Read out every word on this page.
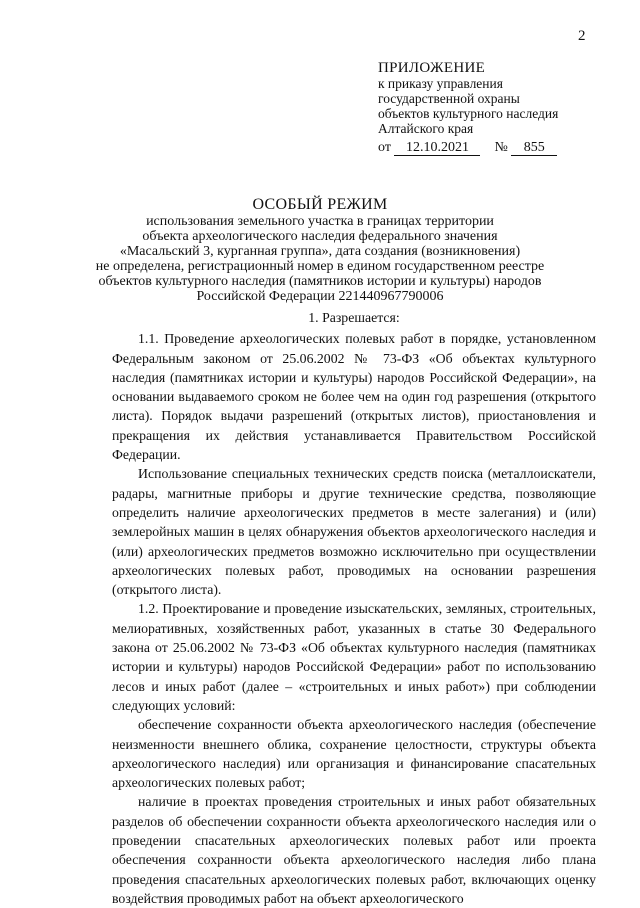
2
ПРИЛОЖЕНИЕ
к приказу управления
государственной охраны
объектов культурного наследия
Алтайского края
от 12.10.2021 № 855
ОСОБЫЙ РЕЖИМ
использования земельного участка в границах территории
объекта археологического наследия федерального значения
«Масальский 3, курганная группа», дата создания (возникновения)
не определена, регистрационный номер в едином государственном реестре
объектов культурного наследия (памятников истории и культуры) народов
Российской Федерации 221440967790006
1. Разрешается:

1.1. Проведение археологических полевых работ в порядке, установленном Федеральным законом от 25.06.2002 № 73-ФЗ «Об объектах культурного наследия (памятниках истории и культуры) народов Российской Федерации», на основании выдаваемого сроком не более чем на один год разрешения (открытого листа). Порядок выдачи разрешений (открытых листов), приостановления и прекращения их действия устанавливается Правительством Российской Федерации.

Использование специальных технических средств поиска (металлоискатели, радары, магнитные приборы и другие технические средства, позволяющие определить наличие археологических предметов в месте залегания) и (или) землеройных машин в целях обнаружения объектов археологического наследия и (или) археологических предметов возможно исключительно при осуществлении археологических полевых работ, проводимых на основании разрешения (открытого листа).

1.2. Проектирование и проведение изыскательских, земляных, строительных, мелиоративных, хозяйственных работ, указанных в статье 30 Федерального закона от 25.06.2002 № 73-ФЗ «Об объектах культурного наследия (памятниках истории и культуры) народов Российской Федерации» работ по использованию лесов и иных работ (далее – «строительных и иных работ») при соблюдении следующих условий:

обеспечение сохранности объекта археологического наследия (обеспечение неизменности внешнего облика, сохранение целостности, структуры объекта археологического наследия) или организация и финансирование спасательных археологических полевых работ;

наличие в проектах проведения строительных и иных работ обязательных разделов об обеспечении сохранности объекта археологического наследия или о проведении спасательных археологических полевых работ или проекта обеспечения сохранности объекта археологического наследия либо плана проведения спасательных археологических полевых работ, включающих оценку воздействия проводимых работ на объект археологического
